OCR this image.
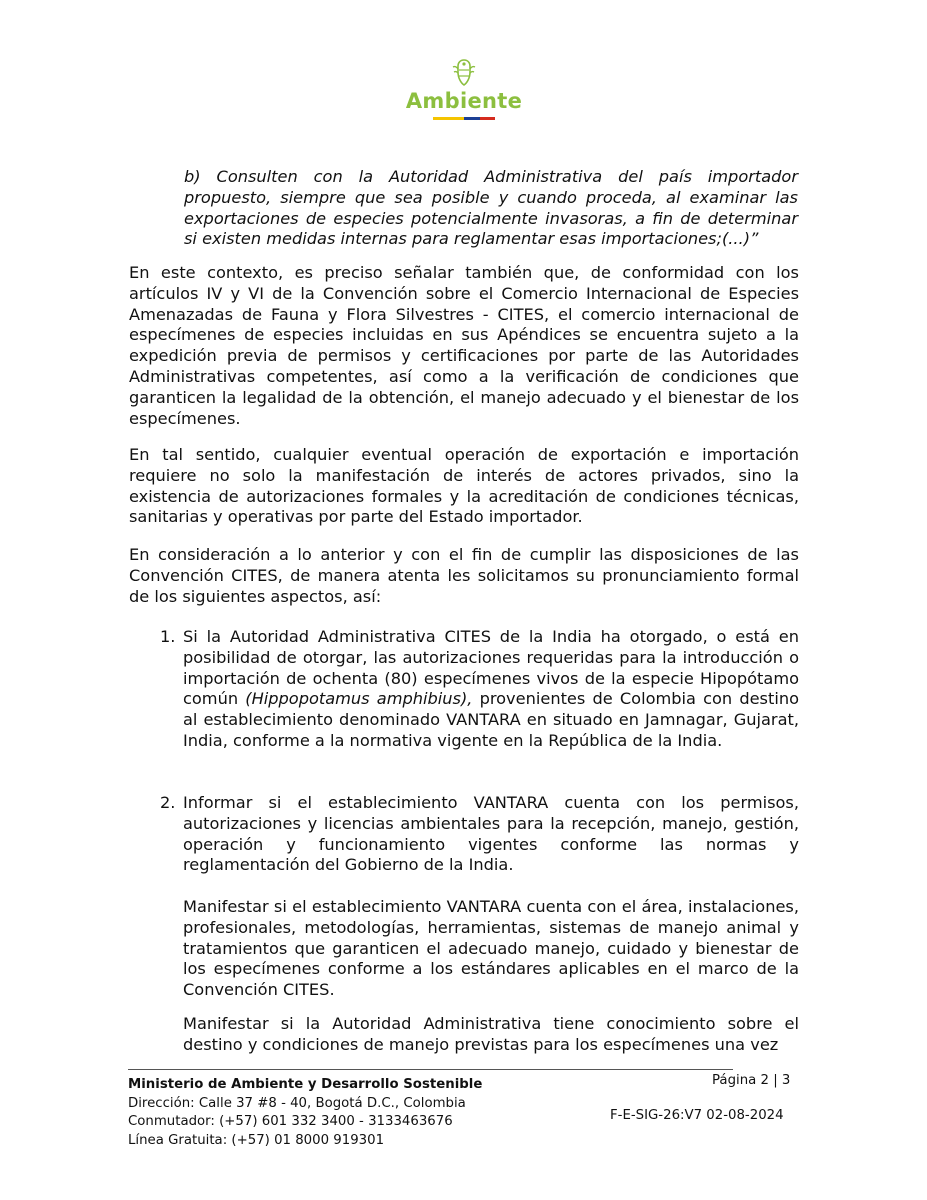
Ambiente
b) Consulten con la Autoridad Administrativa del país importador propuesto, siempre que sea posible y cuando proceda, al examinar las exportaciones de especies potencialmente invasoras, a fin de determinar si existen medidas internas para reglamentar esas importaciones;(...)”
En este contexto, es preciso señalar también que, de conformidad con los artículos IV y VI de la Convención sobre el Comercio Internacional de Especies Amenazadas de Fauna y Flora Silvestres - CITES, el comercio internacional de especímenes de especies incluidas en sus Apéndices se encuentra sujeto a la expedición previa de permisos y certificaciones por parte de las Autoridades Administrativas competentes, así como a la verificación de condiciones que garanticen la legalidad de la obtención, el manejo adecuado y el bienestar de los especímenes.
En tal sentido, cualquier eventual operación de exportación e importación requiere no solo la manifestación de interés de actores privados, sino la existencia de autorizaciones formales y la acreditación de condiciones técnicas, sanitarias y operativas por parte del Estado importador.
En consideración a lo anterior y con el fin de cumplir las disposiciones de las Convención CITES, de manera atenta les solicitamos su pronunciamiento formal de los siguientes aspectos, así:
1. Si la Autoridad Administrativa CITES de la India ha otorgado, o está en posibilidad de otorgar, las autorizaciones requeridas para la introducción o importación de ochenta (80) especímenes vivos de la especie Hipopótamo común (Hippopotamus amphibius), provenientes de Colombia con destino al establecimiento denominado VANTARA en situado en Jamnagar, Gujarat, India, conforme a la normativa vigente en la República de la India.
2. Informar si el establecimiento VANTARA cuenta con los permisos, autorizaciones y licencias ambientales para la recepción, manejo, gestión, operación y funcionamiento vigentes conforme las normas y reglamentación del Gobierno de la India.
Manifestar si el establecimiento VANTARA cuenta con el área, instalaciones, profesionales, metodologías, herramientas, sistemas de manejo animal y tratamientos que garanticen el adecuado manejo, cuidado y bienestar de los especímenes conforme a los estándares aplicables en el marco de la Convención CITES.
Manifestar si la Autoridad Administrativa tiene conocimiento sobre el destino y condiciones de manejo previstas para los especímenes una vez
Ministerio de Ambiente y Desarrollo Sostenible
Dirección: Calle 37 #8 - 40, Bogotá D.C., Colombia
Conmutador: (+57) 601 332 3400 - 3133463676
Línea Gratuita: (+57) 01 8000 919301
Página 2 | 3
F-E-SIG-26:V7 02-08-2024
